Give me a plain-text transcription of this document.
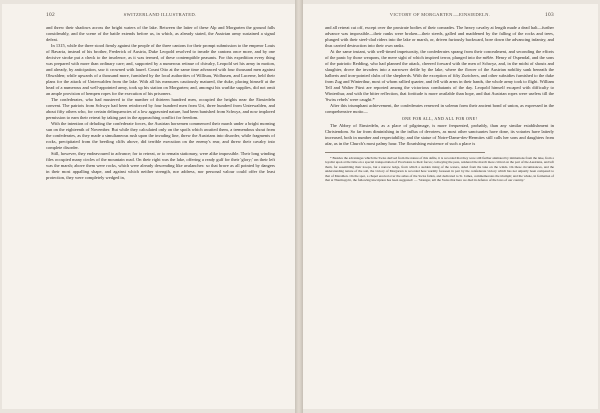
102	SWITZERLAND ILLUSTRATED.

and threw their shadows across the bright waters of the lake. Between the latter of these Alp and Morgarten the ground falls considerably, and the scene of the battle extends before us, in which, as already stated, the Austrian army sustained a signal defeat.

In 1315, while the three stood firmly against the people of the three cantons for their prompt submission to the emperor Louis of Bavaria, instead of his brother, Frederick of Austria, Duke Leopold resolved to invade the cantons once more, and by one decisive stroke put a check to the insolence, as it was termed, of these contemptible peasants. For this expedition every thing was prepared with more than ordinary care; and, supported by a numerous retinue of chivalry, Leopold set his army in motion, and already, by anticipation, saw it crowned with laurel. Count Otto at the same time advanced with four thousand men against Obwalden; while upwards of a thousand more, furnished by the local authorities of Willisau, Wolhusen, and Lucerne, held their plans for the attack of Unterwalden from the lake. With all his measures cautiously matured, the duke, placing himself at the head of a numerous and well-appointed army, took up his station on Morgarten; and, amongst his warlike supplies, did not omit an ample provision of hempen ropes for the execution of his prisoners.

The confederates, who had mustered to the number of thirteen hundred men, occupied the heights near the Einsiedeln convent. The patriots from Schwyz had been reinforced by four hundred men from Uri, three hundred from Unterwalden, and about fifty others who, for certain delinquencies of a low aggravated nature, had been banished from Schwyz, and now implored permission to earn their retreat by taking part in the approaching conflict for freedom.

With the intention of deluding the confederate forces, the Austrian horsemen commenced their march under a bright morning sun on the eighteenth of November. But while they calculated only on the spoils which awaited them, a tremendous shout from the confederates, as they made a simultaneous rush upon the invading line, threw the Austrians into disorder, while fragments of rocks, precipitated from the beetling cliffs above, did terrible execution on the enemy's rear, and threw their cavalry into complete disorder.

Still, however, they endeavoured to advance; for to retreat, or to remain stationary, were alike impossible. Their long winding files occupied many circles of the mountain road. On their right was the lake, offering a ready gulf for their 'glory;' on their left was the marsh; above them were rocks, which were already descending like avalanches: so that brave as all pointed by dangers in their most appalling shape, and against which neither strength, nor address, nor personal valour could offer the least protection, they were completely wedged in,

VICTORY OF MORGARTEN.—EINSIEDELN.	103

and all retreat cut off, except over the prostrate bodies of their comrades. The heavy cavalry at length made a dead halt—further advance was impossible—their ranks were broken—their steeds, galled and maddened by the falling of the rocks and trees, plunged with their steel-clad riders into the lake or marsh, or, driven furiously backward, bore down the advancing infantry, and thus carried destruction into their own ranks.

At the same instant, with well-timed impetuosity, the confederates sprang from their concealment, and seconding the efforts of the panic by those weapons, the mere sight of which inspired terror, plunged into the mêlée. Henry of Ospendal, and the sons of the patriotic Redding, who had planned the attack, cheered forward with the men of Schwyz, and, in the midst of shouts and slaughter, drove the invaders into a narrower defile by the lake, where the flower of the Austrian nobility sank beneath the halberts and iron-pointed clubs of the shepherds. With the exception of fifty Zurichers, and other subsidies furnished to the duke from Zug and Winterthur, most of whom rallied quarter, and fell with arms in their hands, the whole army took to flight. William Tell and Walter Fürst are reported among the victorious combatants of the day. Leopold himself escaped with difficulty to Winterthur, and with the bitter reflection, that fortitude is more available than hope, and that Austrian ropes were useless till the 'Swiss rebels' were caught.*

After this triumphant achievement, the confederates renewed in solemn form their ancient bond of union, as expressed in the comprehensive motto—

ONE FOR ALL, AND ALL FOR ONE!

The Abbey of Einsiedeln, as a place of pilgrimage, is more frequented, probably, than any similar establishment in Christendom. So far from diminishing in the influx of devotees, as most other sanctuaries have done, its votaries have latterly increased, both in number and respectability; and the statue of Notre-Dame-des-Hermites still calls her sons and daughters from afar, as in the Church's most palmy hour. The flourishing existence of such a place is

* Besides the advantages which the Swiss derived from the nature of this defile, it is recorded that they were still further animated by intimations from the lake, from a loyalist upon at the time on a special transportation of Provisions to their forces; conveying the peas, rendered the march more critical on the part of the Austrians, and left them, for assembling their troops, but a narrow ledge, from which a sudden rising of the waters, aided from the lake on the winds. On these circumstances, and the understanding nature of the soil, the victory of Morgarten is recorded here warmly foreseen in part by the confederate victory which has not unjustly been compared to that of Marathon. On the spot, a chapel erected over the ashes of the Swiss fallen, and dedicated to St. James, commemorates the triumph; and the whole, in formation of that at Thermopylæ, the following inscription has been suggested: — 'Stranger, tell the Swiss that here we died in defence of the laws of our country.'
